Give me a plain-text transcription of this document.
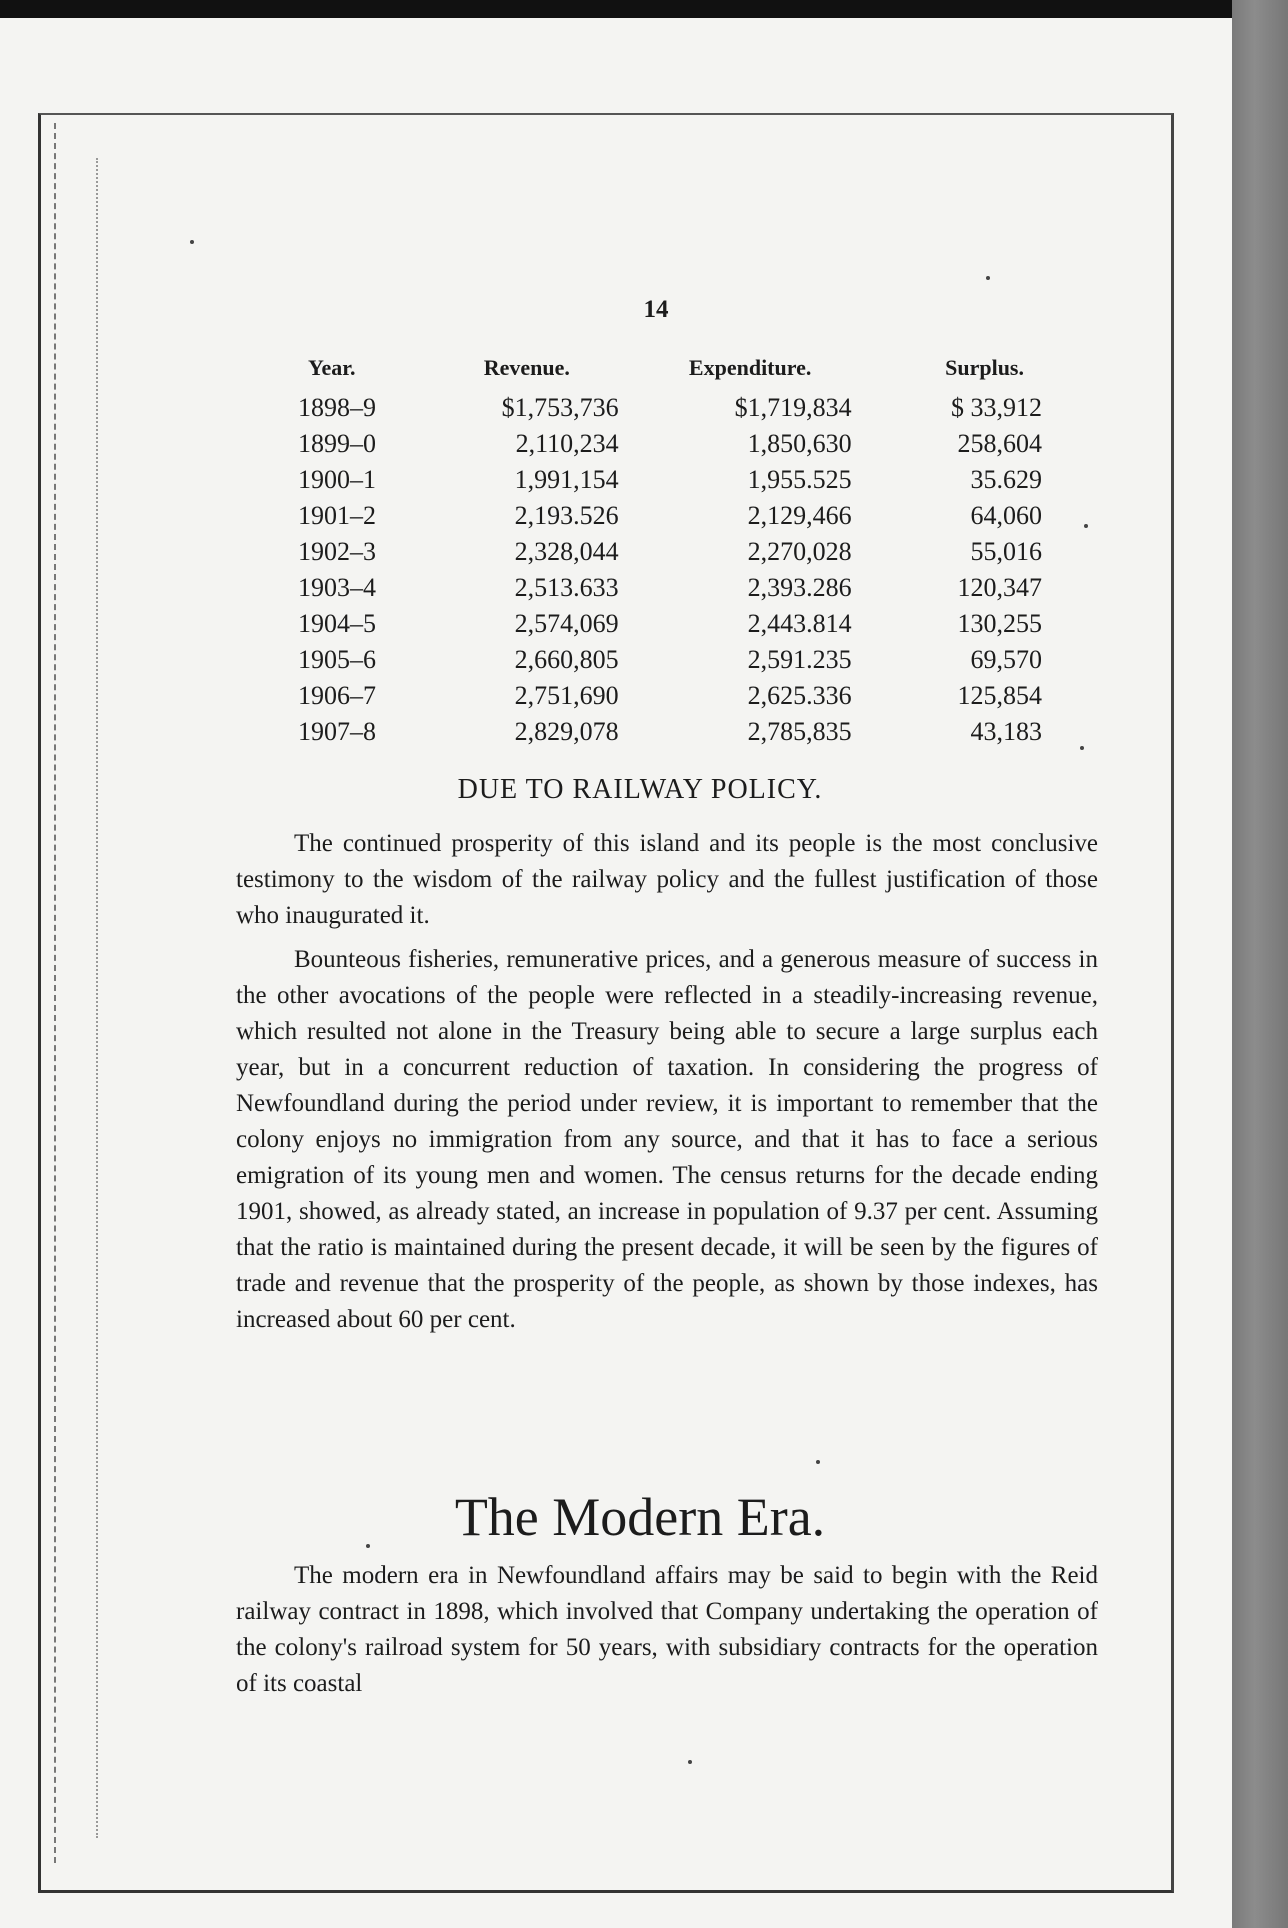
14
Year.	Revenue.	Expenditure.	Surplus.
1898–9	$1,753,736	$1,719,834	$ 33,912
1899–0	2,110,234	1,850,630	258,604
1900–1	1,991,154	1,955.525	35.629
1901–2	2,193.526	2,129,466	64,060
1902–3	2,328,044	2,270,028	55,016
1903–4	2,513.633	2,393.286	120,347
1904–5	2,574,069	2,443.814	130,255
1905–6	2,660,805	2,591.235	69,570
1906–7	2,751,690	2,625.336	125,854
1907–8	2,829,078	2,785,835	43,183
DUE TO RAILWAY POLICY.

The continued prosperity of this island and its people is the most conclusive testimony to the wisdom of the railway policy and the fullest justification of those who inaugurated it.

Bounteous fisheries, remunerative prices, and a generous measure of success in the other avocations of the people were reflected in a steadily-increasing revenue, which resulted not alone in the Treasury being able to secure a large surplus each year, but in a concurrent reduction of taxation. In considering the progress of Newfoundland during the period under review, it is important to remember that the colony enjoys no immigration from any source, and that it has to face a serious emigration of its young men and women. The census returns for the decade ending 1901, showed, as already stated, an increase in population of 9.37 per cent. Assuming that the ratio is maintained during the present decade, it will be seen by the figures of trade and revenue that the prosperity of the people, as shown by those indexes, has increased about 60 per cent.

The Modern Era.

The modern era in Newfoundland affairs may be said to begin with the Reid railway contract in 1898, which involved that Company undertaking the operation of the colony's railroad system for 50 years, with subsidiary contracts for the operation of its coastal
